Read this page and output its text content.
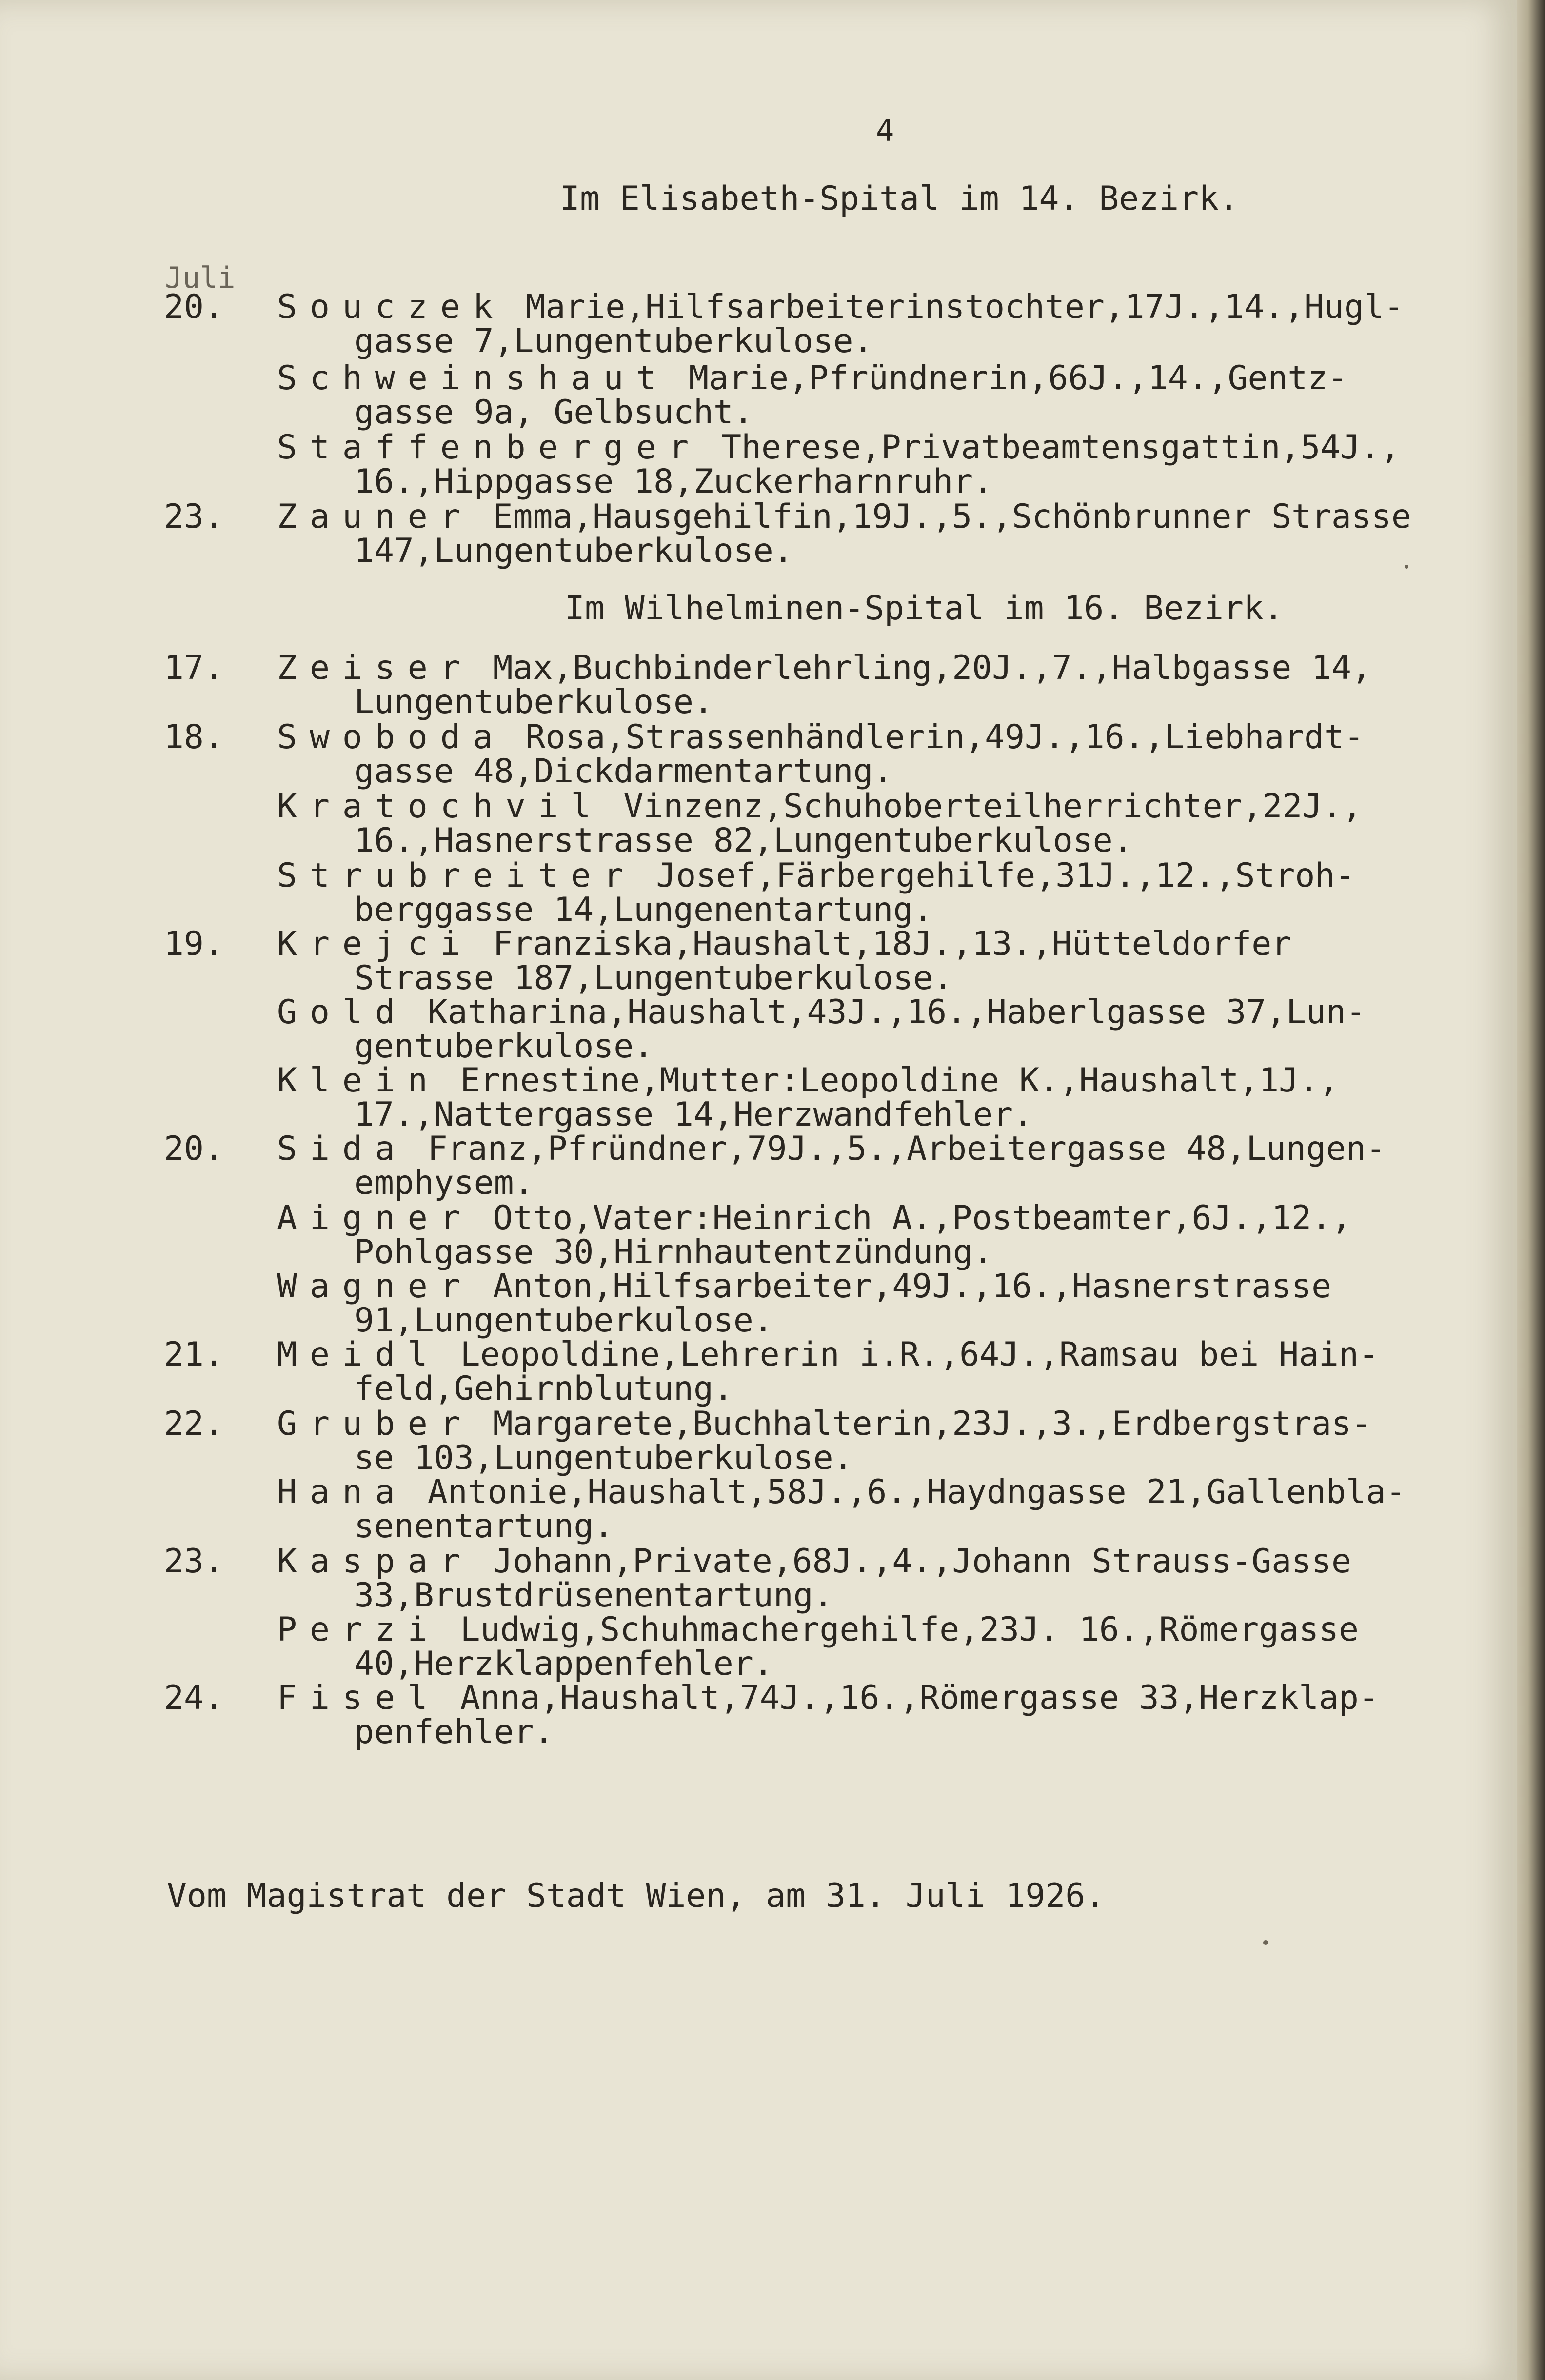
4
Im Elisabeth-Spital im 14. Bezirk.
Juli
Im Wilhelminen-Spital im 16. Bezirk.
Vom Magistrat der Stadt Wien, am 31. Juli 1926.
20. Souczek Marie,Hilfsarbeiterinstochter,17J.,14.,Hugl-
gasse 7,Lungentuberkulose.
Schweinshaut Marie,Pfründnerin,66J.,14.,Gentz-
gasse 9a, Gelbsucht.
Staffenberger Therese,Privatbeamtensgattin,54J.,
16.,Hippgasse 18,Zuckerharnruhr.
23. Zauner Emma,Hausgehilfin,19J.,5.,Schönbrunner Strasse
147,Lungentuberkulose.
17. Zeiser Max,Buchbinderlehrling,20J.,7.,Halbgasse 14,
Lungentuberkulose.
18. Swoboda Rosa,Strassenhändlerin,49J.,16.,Liebhardt-
gasse 48,Dickdarmentartung.
Kratochvil Vinzenz,Schuhoberteilherrichter,22J.,
16.,Hasnerstrasse 82,Lungentuberkulose.
Strubreiter Josef,Färbergehilfe,31J.,12.,Stroh-
berggasse 14,Lungenentartung.
19. Krejci Franziska,Haushalt,18J.,13.,Hütteldorfer
Strasse 187,Lungentuberkulose.
Gold Katharina,Haushalt,43J.,16.,Haberlgasse 37,Lun-
gentuberkulose.
Klein Ernestine,Mutter:Leopoldine K.,Haushalt,1J.,
17.,Nattergasse 14,Herzwandfehler.
20. Sida Franz,Pfründner,79J.,5.,Arbeitergasse 48,Lungen-
emphysem.
Aigner Otto,Vater:Heinrich A.,Postbeamter,6J.,12.,
Pohlgasse 30,Hirnhautentzündung.
Wagner Anton,Hilfsarbeiter,49J.,16.,Hasnerstrasse
91,Lungentuberkulose.
21. Meidl Leopoldine,Lehrerin i.R.,64J.,Ramsau bei Hain-
feld,Gehirnblutung.
22. Gruber Margarete,Buchhalterin,23J.,3.,Erdbergstras-
se 103,Lungentuberkulose.
Hana Antonie,Haushalt,58J.,6.,Haydngasse 21,Gallenbla-
senentartung.
23. Kaspar Johann,Private,68J.,4.,Johann Strauss-Gasse
33,Brustdrüsenentartung.
Perzi Ludwig,Schuhmachergehilfe,23J. 16.,Römergasse
40,Herzklappenfehler.
24. Fisel Anna,Haushalt,74J.,16.,Römergasse 33,Herzklap-
penfehler.
